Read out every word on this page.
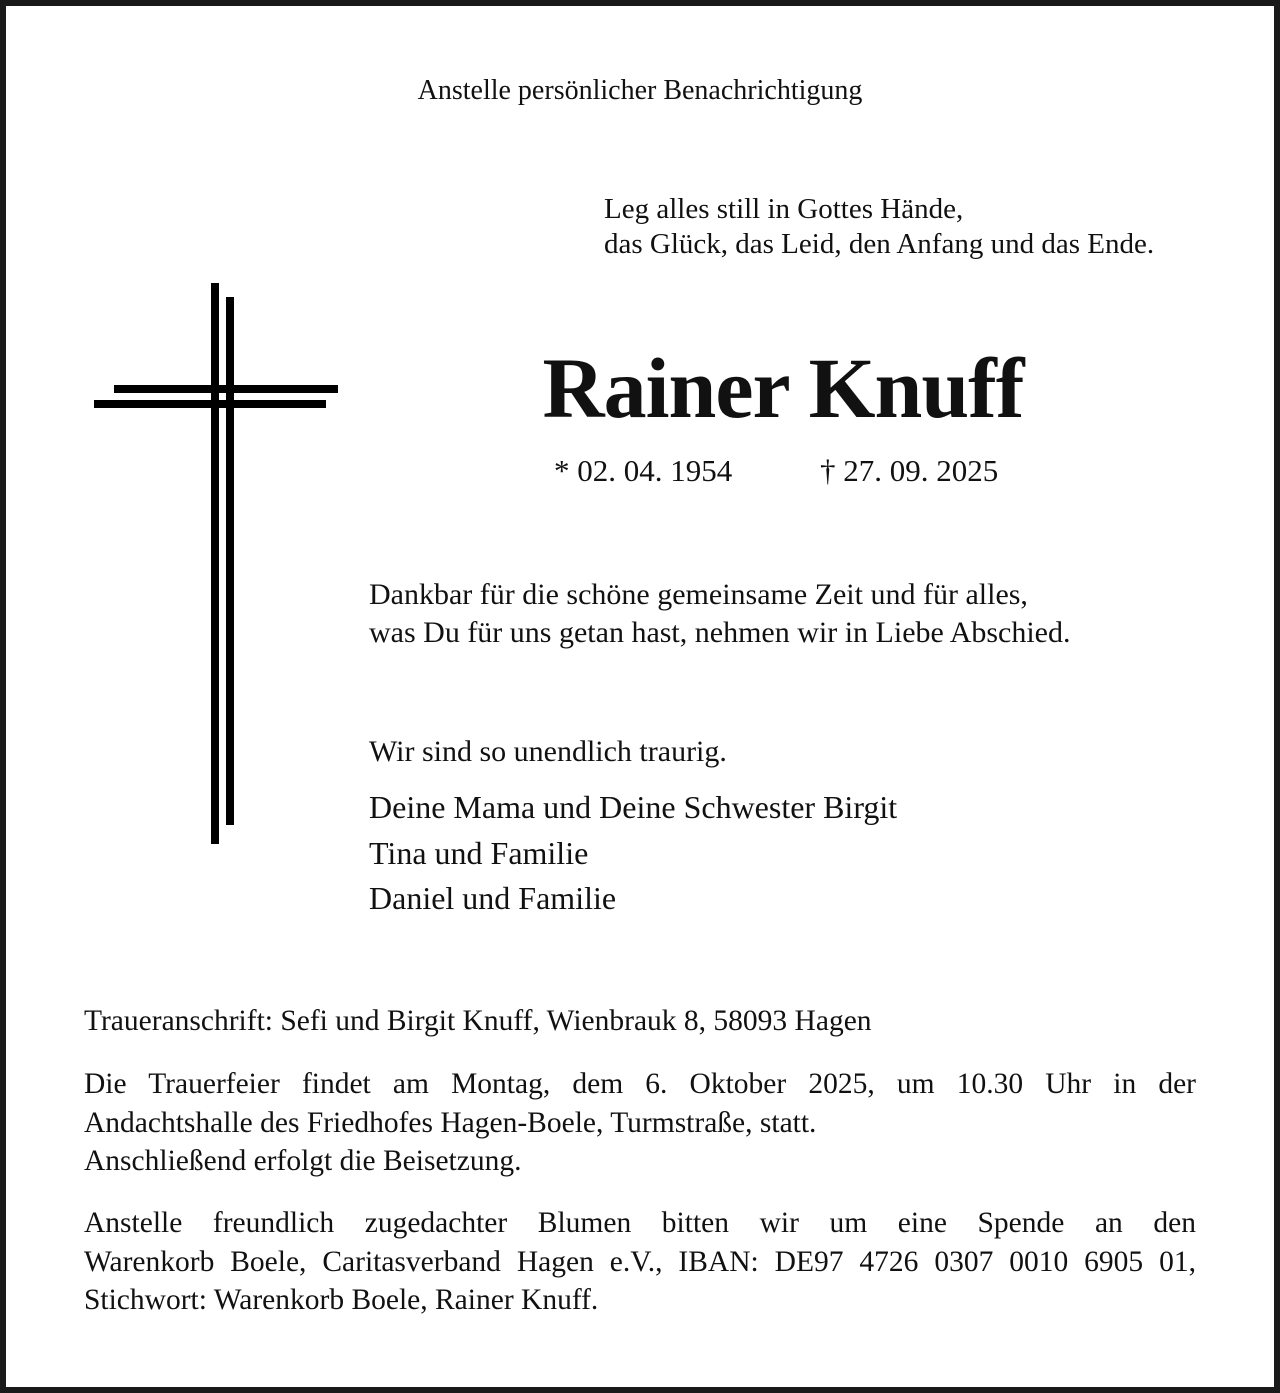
Anstelle persönlicher Benachrichtigung
Leg alles still in Gottes Hände,
das Glück, das Leid, den Anfang und das Ende.
Rainer Knuff
* 02. 04. 1954	† 27. 09. 2025
Dankbar für die schöne gemeinsame Zeit und für alles,
was Du für uns getan hast, nehmen wir in Liebe Abschied.
Wir sind so unendlich traurig.
Deine Mama und Deine Schwester Birgit
Tina und Familie
Daniel und Familie
Traueranschrift: Sefi und Birgit Knuff, Wienbrauk 8, 58093 Hagen
Die Trauerfeier findet am Montag, dem 6. Oktober 2025, um 10.30 Uhr in der
Andachtshalle des Friedhofes Hagen-Boele, Turmstraße, statt.
Anschließend erfolgt die Beisetzung.
Anstelle freundlich zugedachter Blumen bitten wir um eine Spende an den
Warenkorb Boele, Caritasverband Hagen e.V., IBAN: DE97 4726 0307 0010 6905 01,
Stichwort: Warenkorb Boele, Rainer Knuff.
